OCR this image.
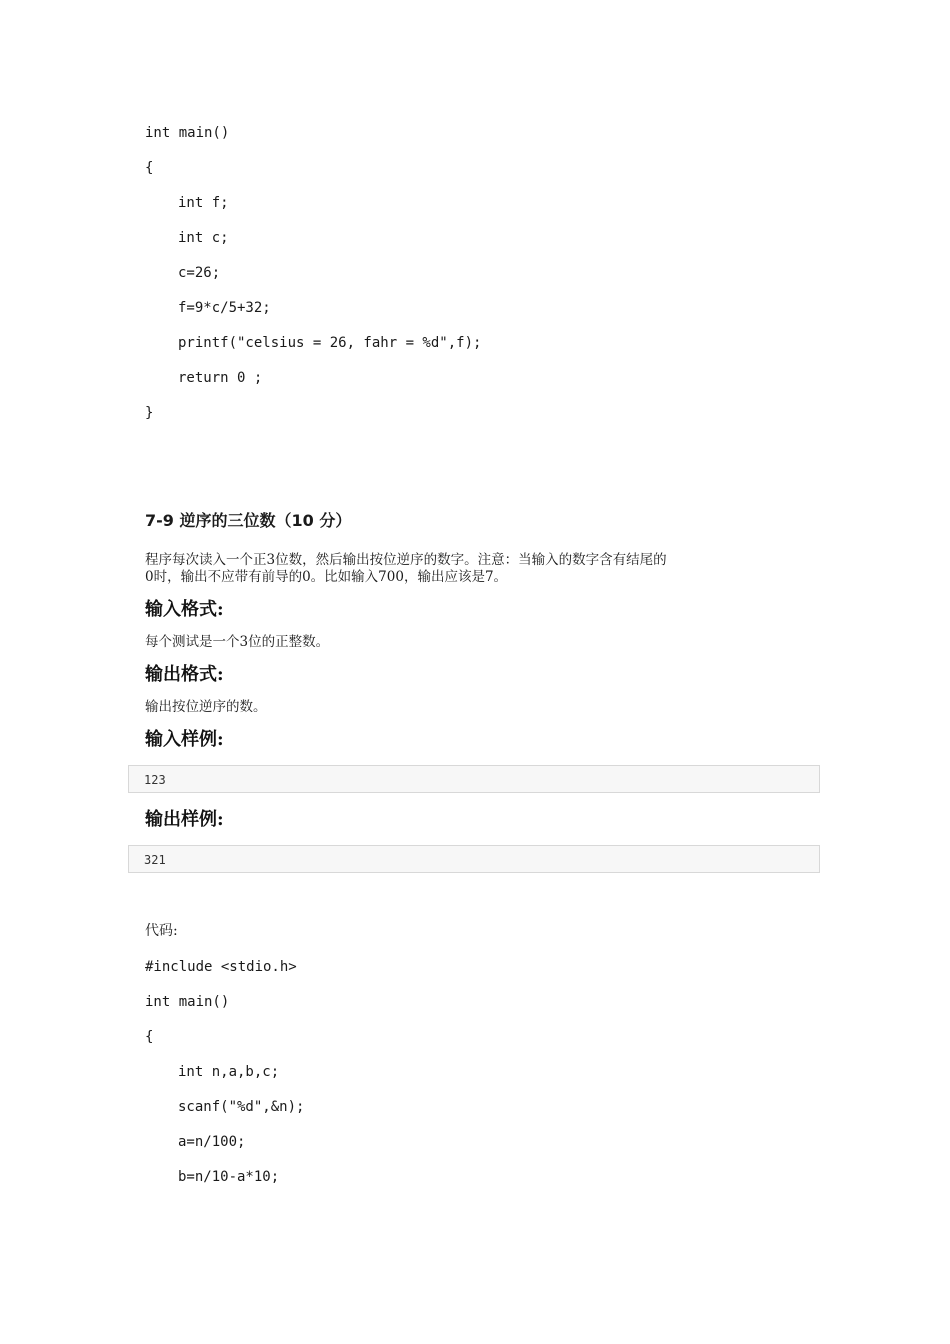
int main()
{
int f;
int c;
c=26;
f=9*c/5+32;
printf("celsius = 26, fahr = %d",f);
return 0 ;
}
7-9 逆序的三位数（10 分）
程序每次读入一个正3位数，然后输出按位逆序的数字。注意：当输入的数字含有结尾的
0时，输出不应带有前导的0。比如输入700，输出应该是7。
输入格式:
每个测试是一个3位的正整数。
输出格式:
输出按位逆序的数。
输入样例:
123
输出样例:
321
代码:
#include <stdio.h>
int main()
{
int n,a,b,c;
scanf("%d",&n);
a=n/100;
b=n/10-a*10;
